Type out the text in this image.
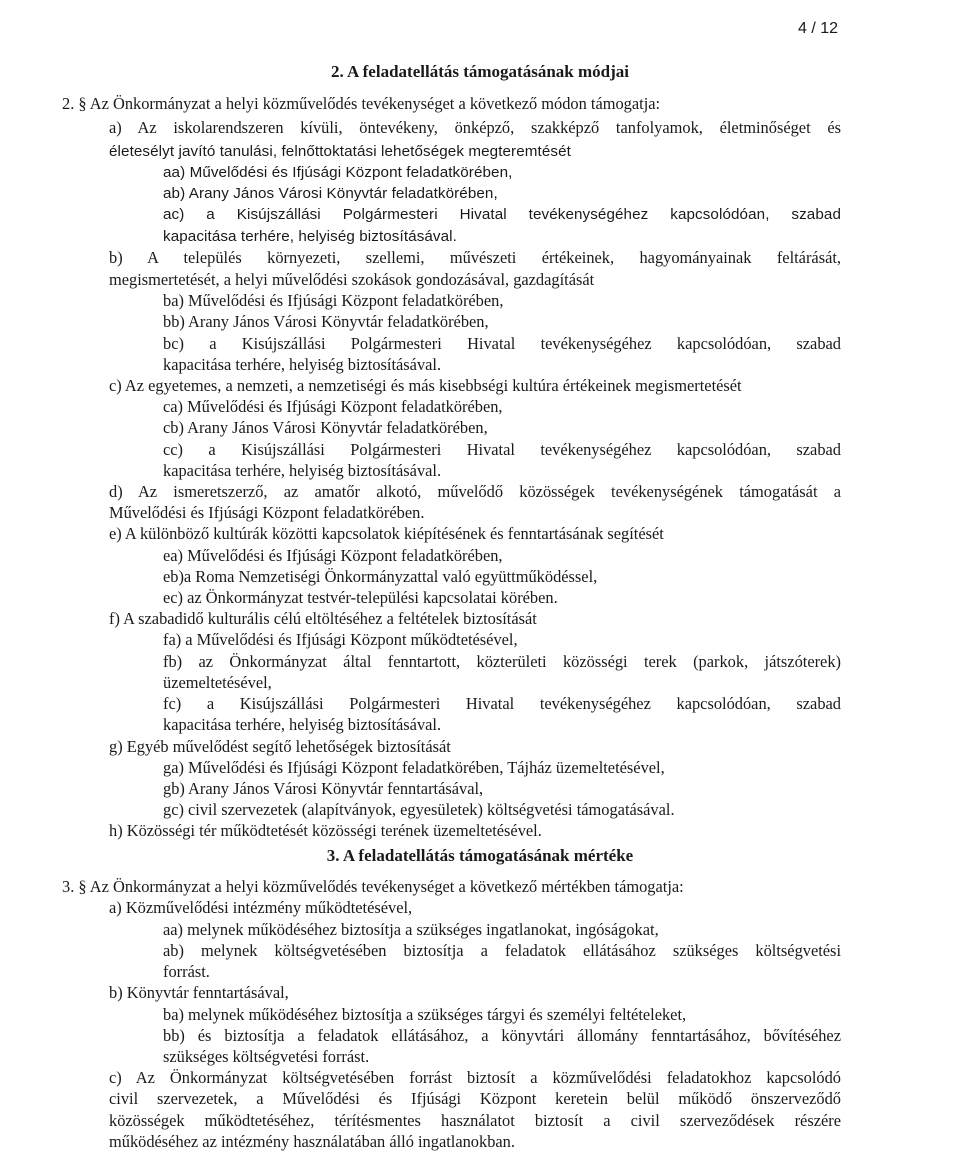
4 / 12
2. A feladatellátás támogatásának módjai
2. § Az Önkormányzat a helyi közművelődés tevékenységet a következő módon támogatja:
a) Az iskolarendszeren kívüli, öntevékeny, önképző, szakképző tanfolyamok, életminőséget és
életesélyt javító tanulási, felnőttoktatási lehetőségek megteremtését
aa) Művelődési és Ifjúsági Központ feladatkörében,
ab) Arany János Városi Könyvtár feladatkörében,
ac) a Kisújszállási Polgármesteri Hivatal tevékenységéhez kapcsolódóan, szabad
kapacitása terhére, helyiség biztosításával.
b) A település környezeti, szellemi, művészeti értékeinek, hagyományainak feltárását,
megismertetését, a helyi művelődési szokások gondozásával, gazdagítását
ba) Művelődési és Ifjúsági Központ feladatkörében,
bb) Arany János Városi Könyvtár feladatkörében,
bc) a Kisújszállási Polgármesteri Hivatal tevékenységéhez kapcsolódóan, szabad
kapacitása terhére, helyiség biztosításával.
c) Az egyetemes, a nemzeti, a nemzetiségi és más kisebbségi kultúra értékeinek megismertetését
ca) Művelődési és Ifjúsági Központ feladatkörében,
cb) Arany János Városi Könyvtár feladatkörében,
cc) a Kisújszállási Polgármesteri Hivatal tevékenységéhez kapcsolódóan, szabad
kapacitása terhére, helyiség biztosításával.
d) Az ismeretszerző, az amatőr alkotó, művelődő közösségek tevékenységének támogatását a
Művelődési és Ifjúsági Központ feladatkörében.
e) A különböző kultúrák közötti kapcsolatok kiépítésének és fenntartásának segítését
ea) Művelődési és Ifjúsági Központ feladatkörében,
eb)a Roma Nemzetiségi Önkormányzattal való együttműködéssel,
ec) az Önkormányzat testvér-települési kapcsolatai körében.
f) A szabadidő kulturális célú eltöltéséhez a feltételek biztosítását
fa) a Művelődési és Ifjúsági Központ működtetésével,
fb) az Önkormányzat által fenntartott, közterületi közösségi terek (parkok, játszóterek)
üzemeltetésével,
fc) a Kisújszállási Polgármesteri Hivatal tevékenységéhez kapcsolódóan, szabad
kapacitása terhére, helyiség biztosításával.
g) Egyéb művelődést segítő lehetőségek biztosítását
ga) Művelődési és Ifjúsági Központ feladatkörében, Tájház üzemeltetésével,
gb) Arany János Városi Könyvtár fenntartásával,
gc) civil szervezetek (alapítványok, egyesületek) költségvetési támogatásával.
h) Közösségi tér működtetését közösségi terének üzemeltetésével.
3. A feladatellátás támogatásának mértéke
3. § Az Önkormányzat a helyi közművelődés tevékenységet a következő mértékben támogatja:
a) Közművelődési intézmény működtetésével,
aa) melynek működéséhez biztosítja a szükséges ingatlanokat, ingóságokat,
ab) melynek költségvetésében biztosítja a feladatok ellátásához szükséges költségvetési
forrást.
b) Könyvtár fenntartásával,
ba) melynek működéséhez biztosítja a szükséges tárgyi és személyi feltételeket,
bb) és biztosítja a feladatok ellátásához, a könyvtári állomány fenntartásához, bővítéséhez
szükséges költségvetési forrást.
c) Az Önkormányzat költségvetésében forrást biztosít a közművelődési feladatokhoz kapcsolódó
civil szervezetek, a Művelődési és Ifjúsági Központ keretein belül működő önszerveződő
közösségek működtetéséhez, térítésmentes használatot biztosít a civil szerveződések részére
működéséhez az intézmény használatában álló ingatlanokban.
